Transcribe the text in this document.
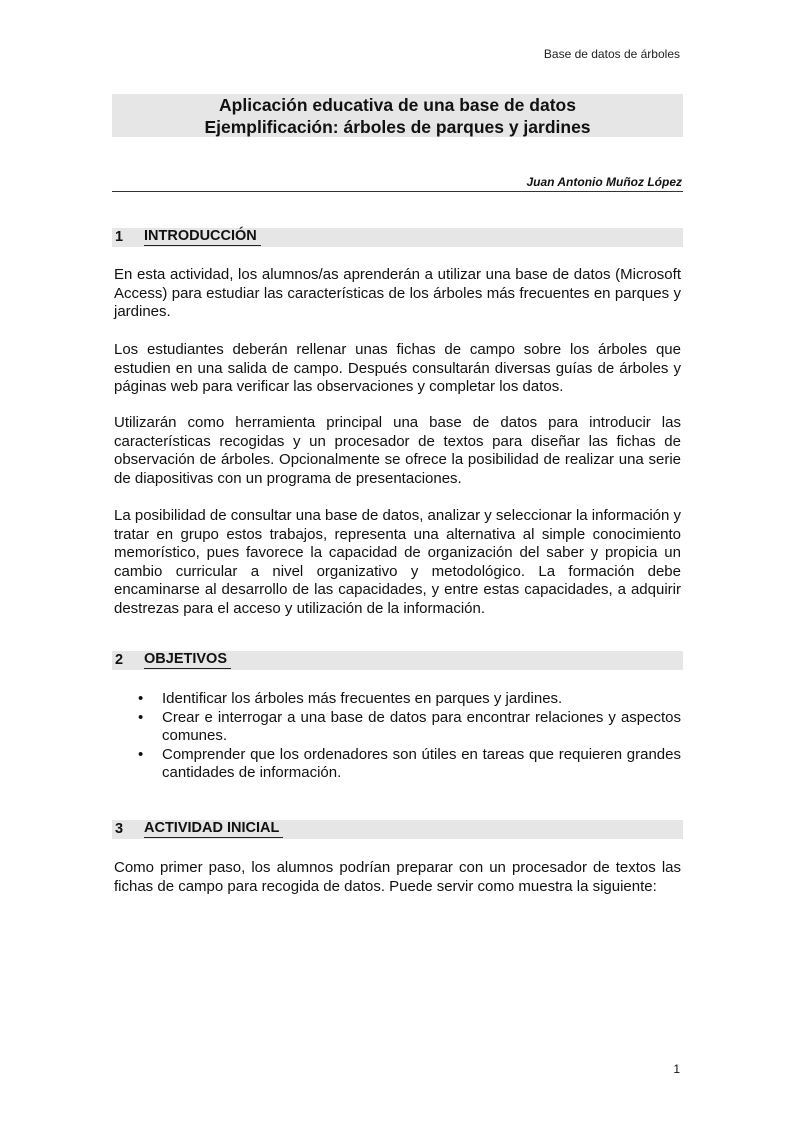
Base de datos de árboles
Aplicación educativa de una base de datos
Ejemplificación: árboles de parques y jardines
Juan Antonio Muñoz López
1 INTRODUCCIÓN

En esta actividad, los alumnos/as aprenderán a utilizar una base de datos (Microsoft Access) para estudiar las características de los árboles más frecuentes en parques y jardines.

Los estudiantes deberán rellenar unas fichas de campo sobre los árboles que estudien en una salida de campo. Después consultarán diversas guías de árboles y páginas web para verificar las observaciones y completar los datos.

Utilizarán como herramienta principal una base de datos para introducir las características recogidas y un procesador de textos para diseñar las fichas de observación de árboles. Opcionalmente se ofrece la posibilidad de realizar una serie de diapositivas con un programa de presentaciones.

La posibilidad de consultar una base de datos, analizar y seleccionar la información y tratar en grupo estos trabajos, representa una alternativa al simple conocimiento memorístico, pues favorece la capacidad de organización del saber y propicia un cambio curricular a nivel organizativo y metodológico. La formación debe encaminarse al desarrollo de las capacidades, y entre estas capacidades, a adquirir destrezas para el acceso y utilización de la información.

2 OBJETIVOS
• Identificar los árboles más frecuentes en parques y jardines.
• Crear e interrogar a una base de datos para encontrar relaciones y aspectos comunes.
• Comprender que los ordenadores son útiles en tareas que requieren grandes cantidades de información.
3 ACTIVIDAD INICIAL

Como primer paso, los alumnos podrían preparar con un procesador de textos las fichas de campo para recogida de datos. Puede servir como muestra la siguiente:

1
